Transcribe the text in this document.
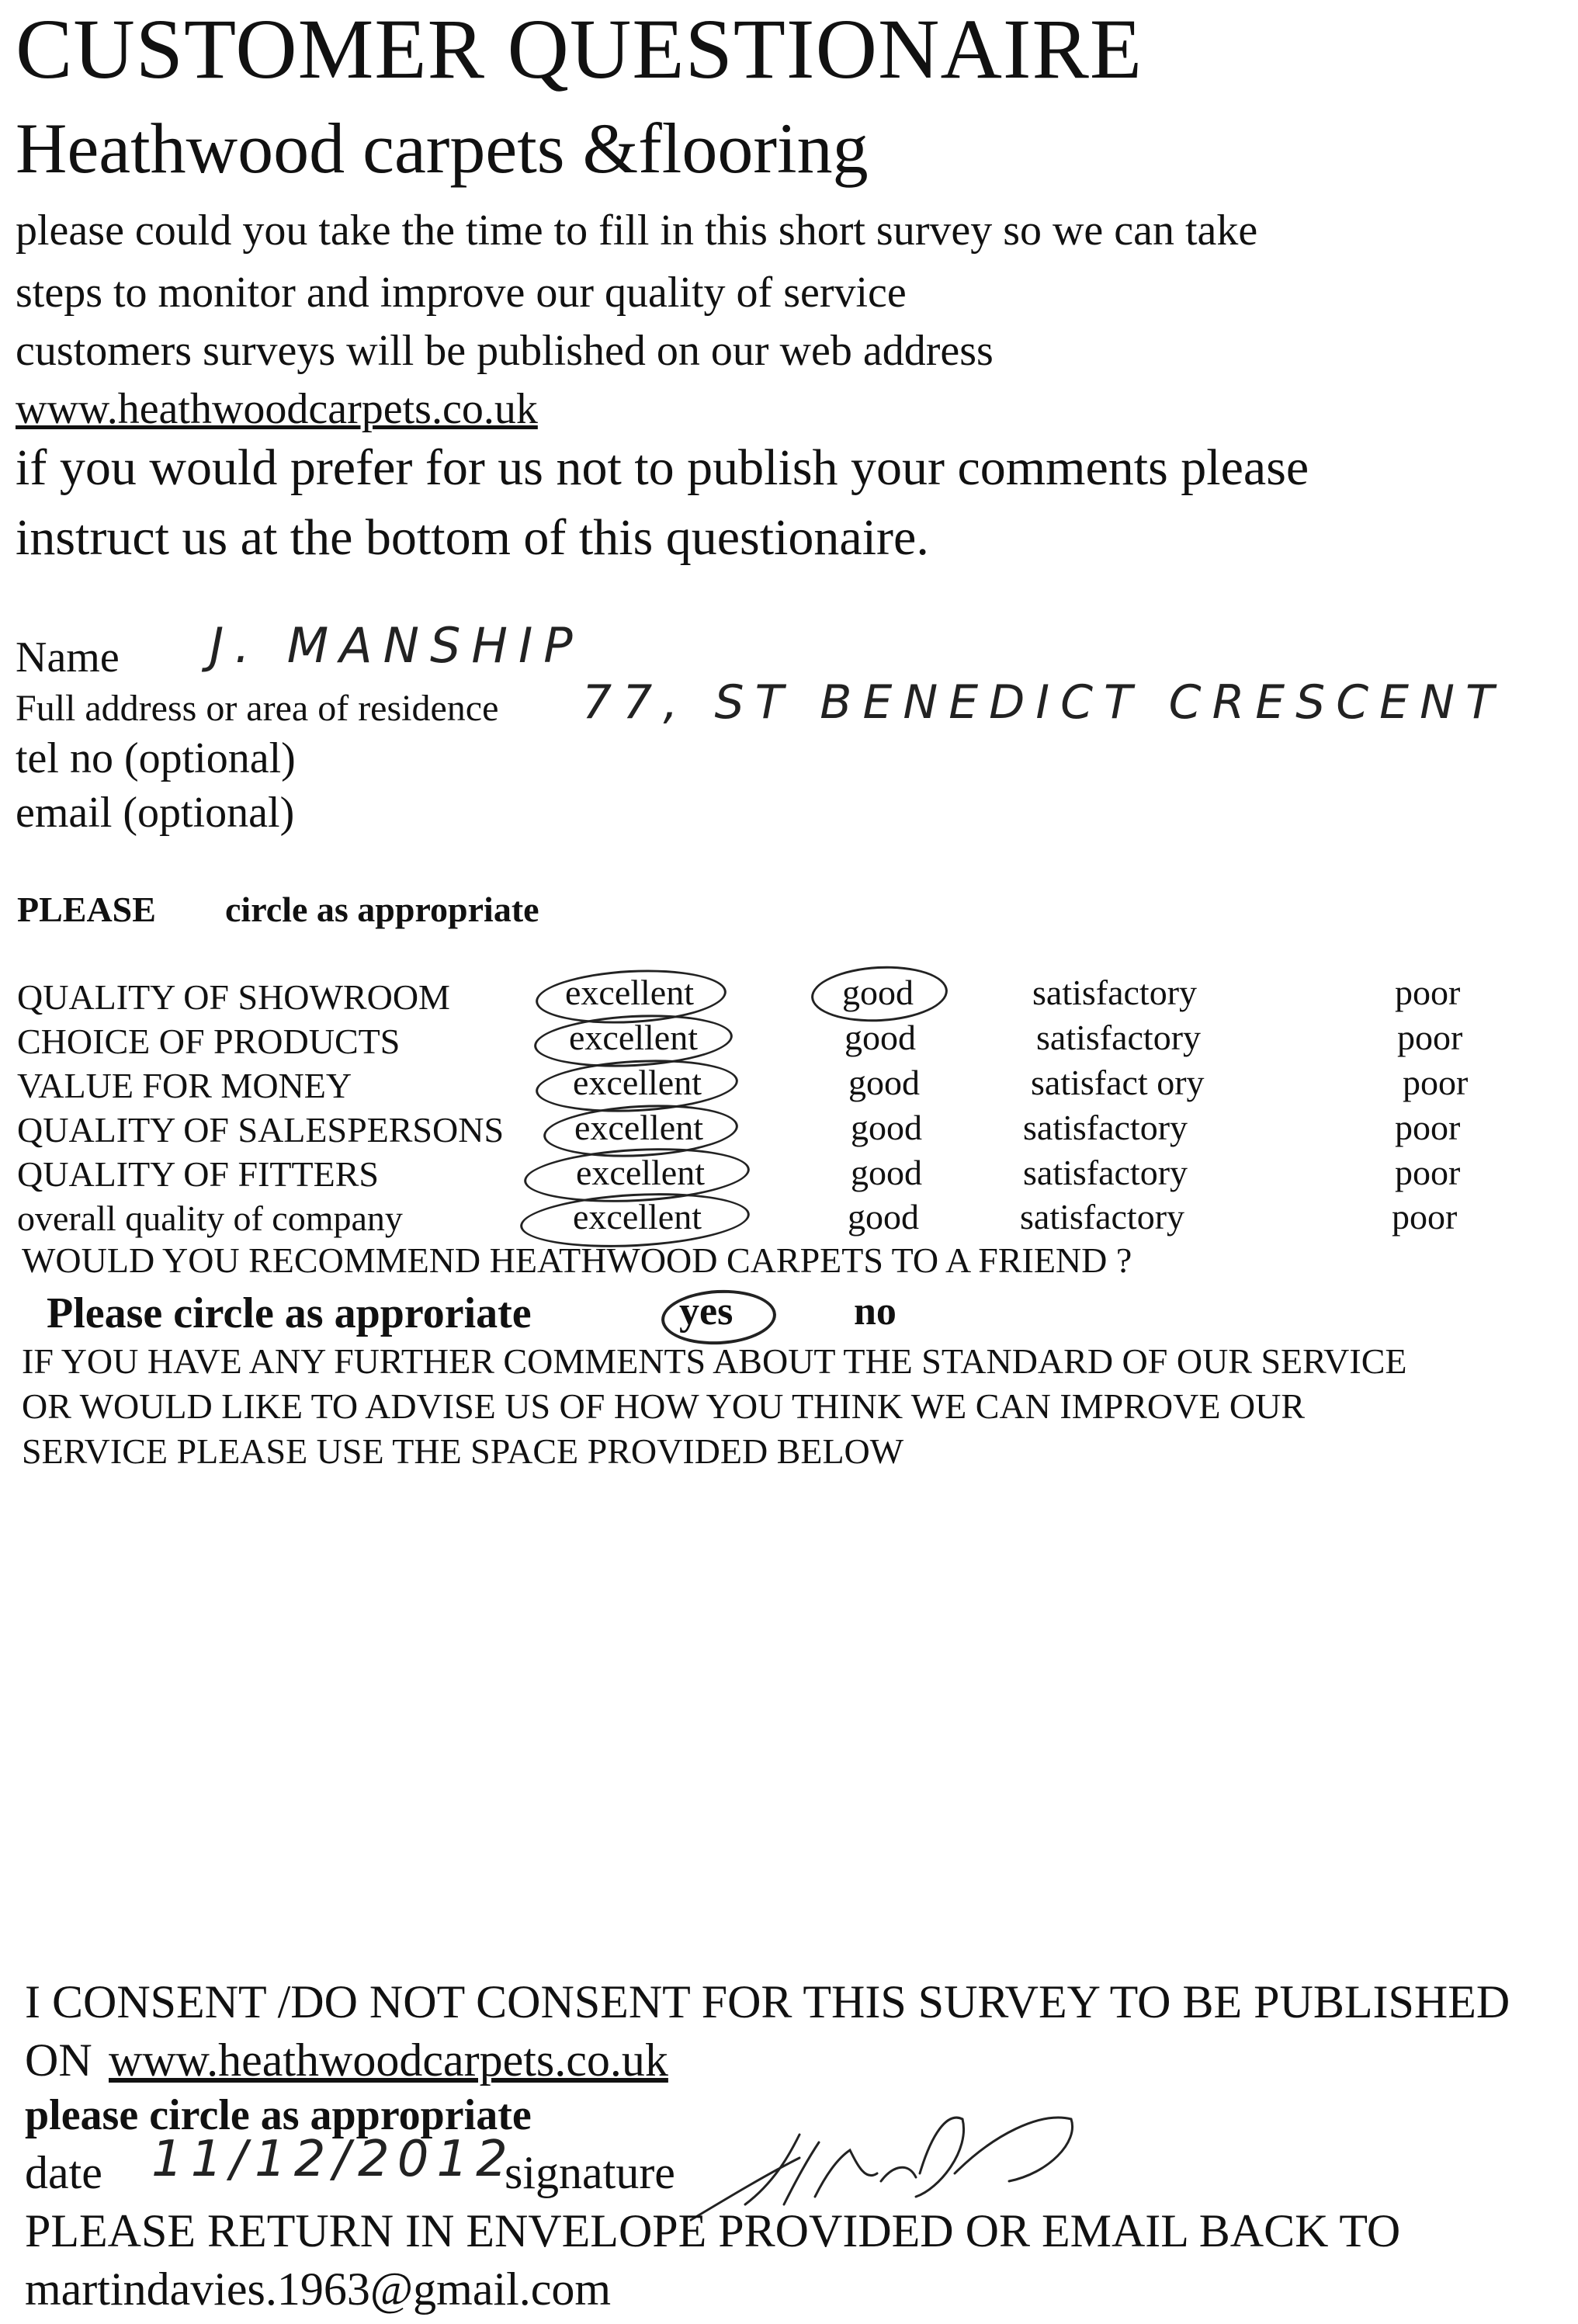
CUSTOMER QUESTIONAIRE
Heathwood carpets &flooring
please could you take the time to fill in this short survey so we can take
steps to monitor and improve our quality of service
customers surveys will be published on our web address
www.heathwoodcarpets.co.uk
if you would prefer for us not to publish your comments please
instruct us at the bottom of this questionaire.
Name J. MANSHIP
Full address or area of residence 77, ST BENEDICT CRESCENT
tel no (optional)
email (optional)
PLEASE circle as appropriate
QUALITY OF SHOWROOM	excellent	good	satisfactory	poor
CHOICE OF PRODUCTS	excellent	good	satisfactory	poor
VALUE FOR MONEY	excellent	good	satisfact ory	poor
QUALITY OF SALESPERSONS excellent	good	satisfactory	poor
QUALITY OF FITTERS	excellent	good	satisfactory	poor
overall quality of company	excellent	good	satisfactory	poor
WOULD YOU RECOMMEND HEATHWOOD CARPETS TO A FRIEND ?
Please circle as approriate	yes	no
IF YOU HAVE ANY FURTHER COMMENTS ABOUT THE STANDARD OF OUR SERVICE
OR WOULD LIKE TO ADVISE US OF HOW YOU THINK WE CAN IMPROVE OUR
SERVICE PLEASE USE THE SPACE PROVIDED BELOW
I CONSENT /DO NOT CONSENT FOR THIS SURVEY TO BE PUBLISHED
ON www.heathwoodcarpets.co.uk
please circle as appropriate
date 11/12/2012
signature
PLEASE RETURN IN ENVELOPE PROVIDED OR EMAIL BACK TO
martindavies.1963@gmail.com
